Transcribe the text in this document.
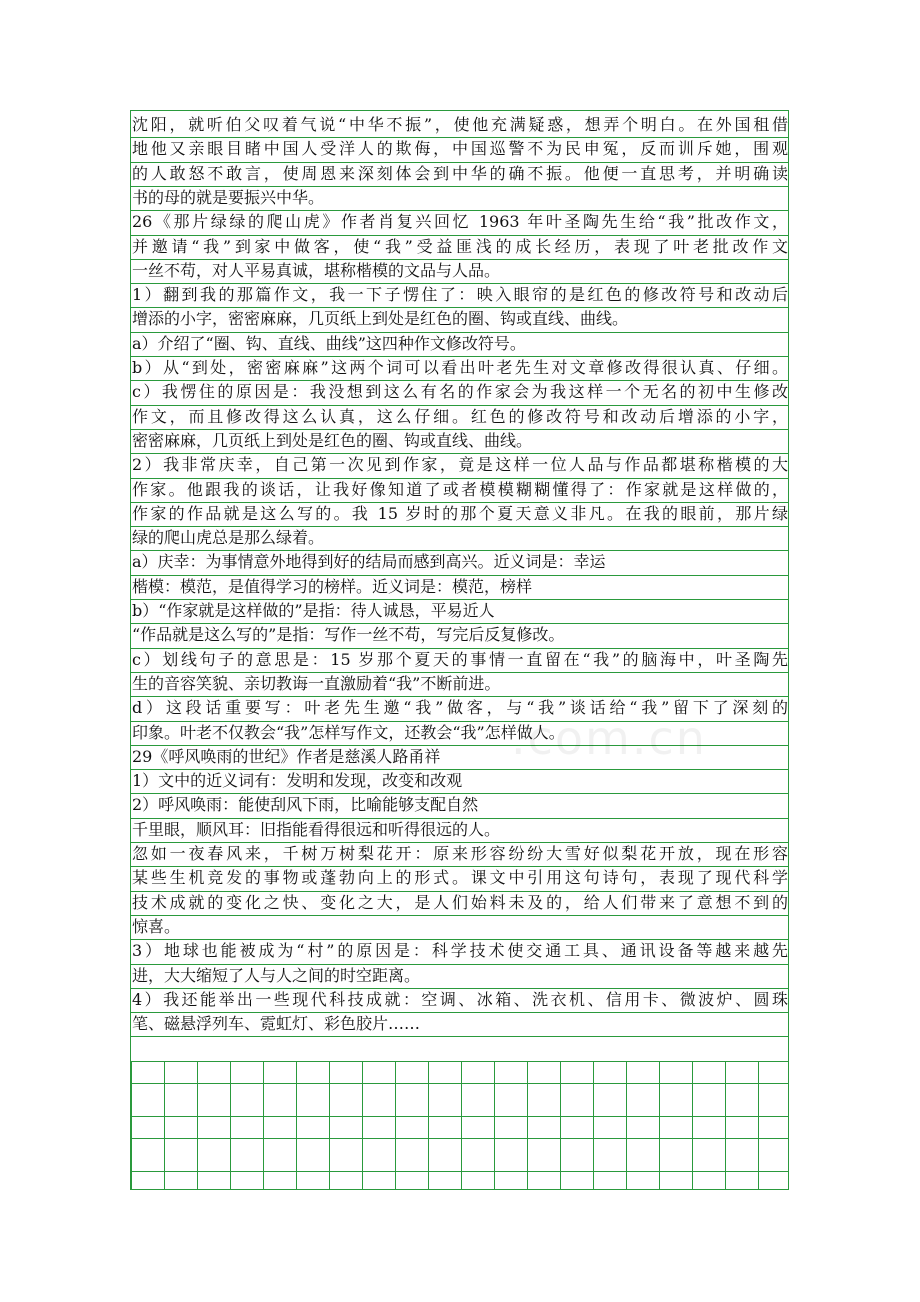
沈阳，就听伯父叹着气说“中华不振”，使他充满疑惑，想弄个明白。在外国租借
地他又亲眼目睹中国人受洋人的欺侮，中国巡警不为民申冤，反而训斥她，围观
的人敢怒不敢言，使周恩来深刻体会到中华的确不振。他便一直思考，并明确读
书的母的就是要振兴中华。
26《那片绿绿的爬山虎》作者肖复兴回忆 1963 年叶圣陶先生给“我”批改作文，
并邀请“我”到家中做客，使“我”受益匪浅的成长经历，表现了叶老批改作文
一丝不苟，对人平易真诚，堪称楷模的文品与人品。
1）翻到我的那篇作文，我一下子愣住了：映入眼帘的是红色的修改符号和改动后
增添的小字，密密麻麻，几页纸上到处是红色的圈、钩或直线、曲线。
a）介绍了“圈、钩、直线、曲线”这四种作文修改符号。
b）从“到处，密密麻麻”这两个词可以看出叶老先生对文章修改得很认真、仔细。
c）我愣住的原因是：我没想到这么有名的作家会为我这样一个无名的初中生修改
作文，而且修改得这么认真，这么仔细。红色的修改符号和改动后增添的小字，
密密麻麻，几页纸上到处是红色的圈、钩或直线、曲线。
2）我非常庆幸，自己第一次见到作家，竟是这样一位人品与作品都堪称楷模的大
作家。他跟我的谈话，让我好像知道了或者模模糊糊懂得了：作家就是这样做的，
作家的作品就是这么写的。我 15 岁时的那个夏天意义非凡。在我的眼前，那片绿
绿的爬山虎总是那么绿着。
a）庆幸：为事情意外地得到好的结局而感到高兴。近义词是：幸运
楷模：模范，是值得学习的榜样。近义词是：模范，榜样
b）“作家就是这样做的”是指：待人诚恳，平易近人
“作品就是这么写的”是指：写作一丝不苟，写完后反复修改。
c）划线句子的意思是：15 岁那个夏天的事情一直留在“我”的脑海中，叶圣陶先
生的音容笑貌、亲切教诲一直激励着“我”不断前进。
d）这段话重要写：叶老先生邀“我”做客，与“我”谈话给“我”留下了深刻的
印象。叶老不仅教会“我”怎样写作文，还教会“我”怎样做人。
29《呼风唤雨的世纪》作者是慈溪人路甬祥
1）文中的近义词有：发明和发现，改变和改观
2）呼风唤雨：能使刮风下雨，比喻能够支配自然
千里眼，顺风耳：旧指能看得很远和听得很远的人。
忽如一夜春风来，千树万树梨花开：原来形容纷纷大雪好似梨花开放，现在形容
某些生机竞发的事物或蓬勃向上的形式。课文中引用这句诗句，表现了现代科学
技术成就的变化之快、变化之大，是人们始料未及的，给人们带来了意想不到的
惊喜。
3）地球也能被成为“村”的原因是：科学技术使交通工具、通讯设备等越来越先
进，大大缩短了人与人之间的时空距离。
4）我还能举出一些现代科技成就：空调、冰箱、洗衣机、信用卡、微波炉、圆珠
笔、磁悬浮列车、霓虹灯、彩色胶片……
.com.cn
